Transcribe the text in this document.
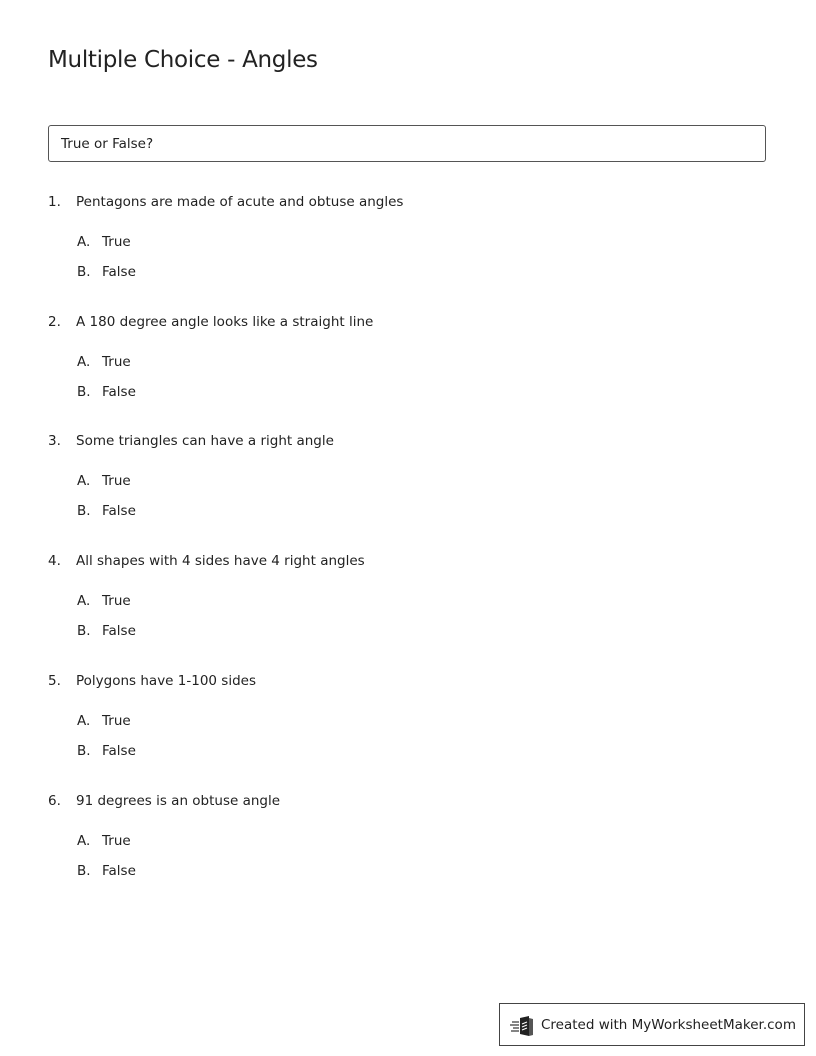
Multiple Choice - Angles
True or False?
1. Pentagons are made of acute and obtuse angles
A. True
B. False
2. A 180 degree angle looks like a straight line
A. True
B. False
3. Some triangles can have a right angle
A. True
B. False
4. All shapes with 4 sides have 4 right angles
A. True
B. False
5. Polygons have 1-100 sides
A. True
B. False
6. 91 degrees is an obtuse angle
A. True
B. False
Created with MyWorksheetMaker.com
